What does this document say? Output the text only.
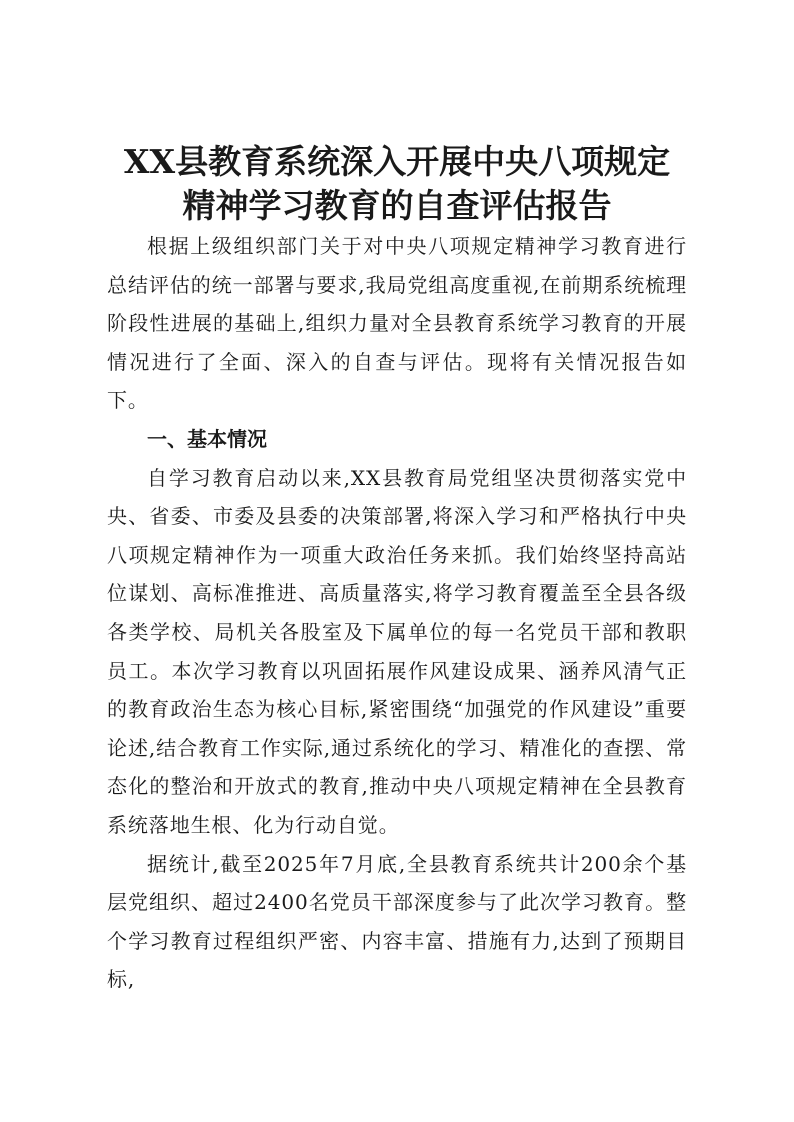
XX县教育系统深入开展中央八项规定
精神学习教育的自查评估报告

根据上级组织部门关于对中央八项规定精神学习教育进行总结评估的统一部署与要求,我局党组高度重视,在前期系统梳理阶段性进展的基础上,组织力量对全县教育系统学习教育的开展情况进行了全面、深入的自查与评估。现将有关情况报告如下。

一、基本情况

自学习教育启动以来,XX县教育局党组坚决贯彻落实党中央、省委、市委及县委的决策部署,将深入学习和严格执行中央八项规定精神作为一项重大政治任务来抓。我们始终坚持高站位谋划、高标准推进、高质量落实,将学习教育覆盖至全县各级各类学校、局机关各股室及下属单位的每一名党员干部和教职员工。本次学习教育以巩固拓展作风建设成果、涵养风清气正的教育政治生态为核心目标,紧密围绕“加强党的作风建设”重要论述,结合教育工作实际,通过系统化的学习、精准化的查摆、常态化的整治和开放式的教育,推动中央八项规定精神在全县教育系统落地生根、化为行动自觉。

据统计,截至2025年7月底,全县教育系统共计200余个基层党组织、超过2400名党员干部深度参与了此次学习教育。整个学习教育过程组织严密、内容丰富、措施有力,达到了预期目标,
